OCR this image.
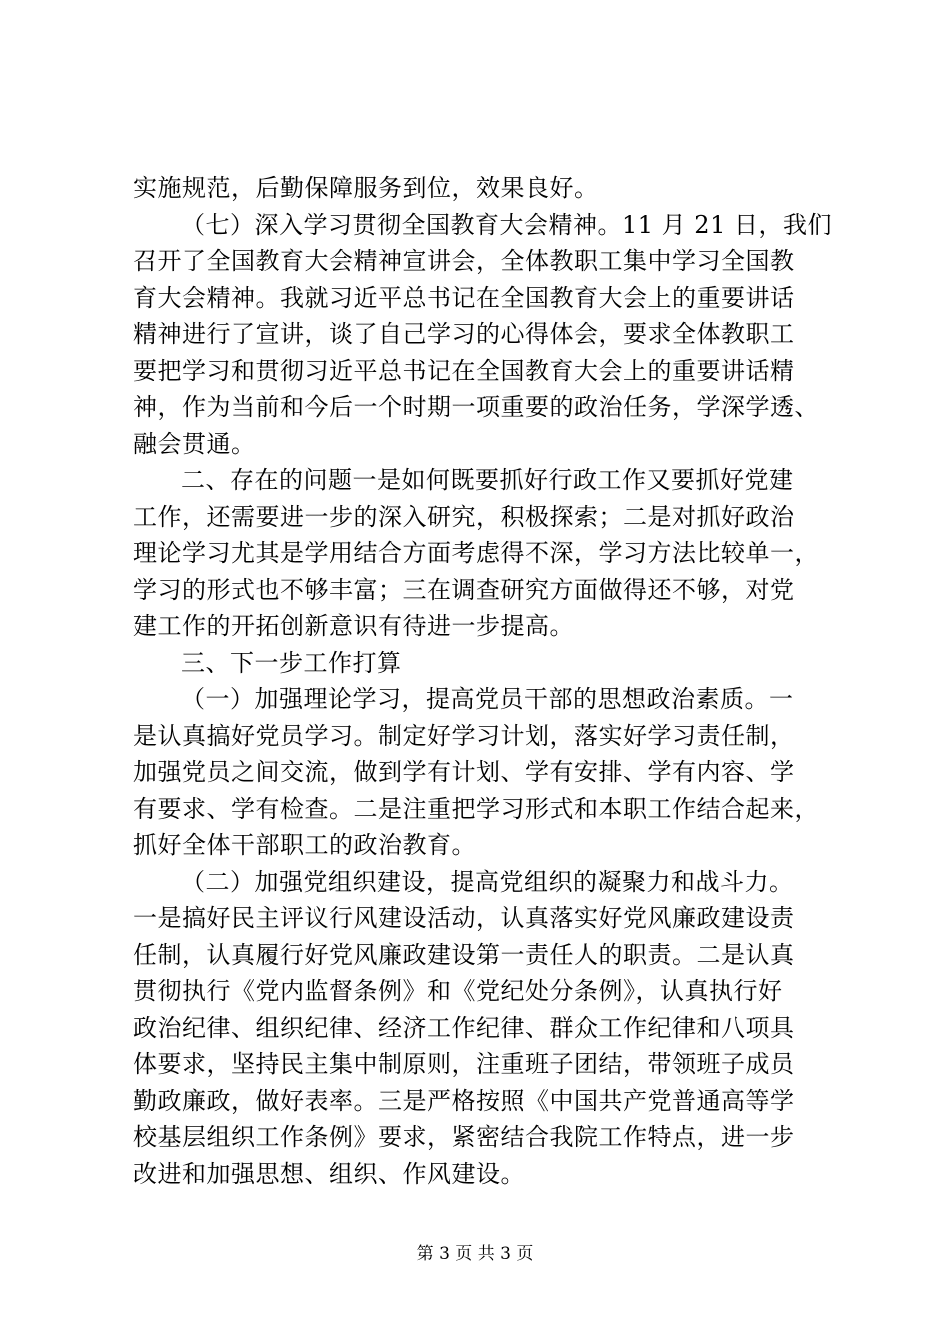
实施规范，后勤保障服务到位，效果良好。
（七）深入学习贯彻全国教育大会精神。11 月 21 日，我们
召开了全国教育大会精神宣讲会，全体教职工集中学习全国教
育大会精神。我就习近平总书记在全国教育大会上的重要讲话
精神进行了宣讲，谈了自己学习的心得体会，要求全体教职工
要把学习和贯彻习近平总书记在全国教育大会上的重要讲话精
神，作为当前和今后一个时期一项重要的政治任务，学深学透、
融会贯通。
二、存在的问题一是如何既要抓好行政工作又要抓好党建
工作，还需要进一步的深入研究，积极探索；二是对抓好政治
理论学习尤其是学用结合方面考虑得不深，学习方法比较单一，
学习的形式也不够丰富；三在调查研究方面做得还不够，对党
建工作的开拓创新意识有待进一步提高。
三、下一步工作打算
（一）加强理论学习，提高党员干部的思想政治素质。一
是认真搞好党员学习。制定好学习计划，落实好学习责任制，
加强党员之间交流，做到学有计划、学有安排、学有内容、学
有要求、学有检查。二是注重把学习形式和本职工作结合起来，
抓好全体干部职工的政治教育。
（二）加强党组织建设，提高党组织的凝聚力和战斗力。
一是搞好民主评议行风建设活动，认真落实好党风廉政建设责
任制，认真履行好党风廉政建设第一责任人的职责。二是认真
贯彻执行《党内监督条例》和《党纪处分条例》，认真执行好
政治纪律、组织纪律、经济工作纪律、群众工作纪律和八项具
体要求，坚持民主集中制原则，注重班子团结，带领班子成员
勤政廉政，做好表率。三是严格按照《中国共产党普通高等学
校基层组织工作条例》要求，紧密结合我院工作特点，进一步
改进和加强思想、组织、作风建设。
第 3 页 共 3 页
